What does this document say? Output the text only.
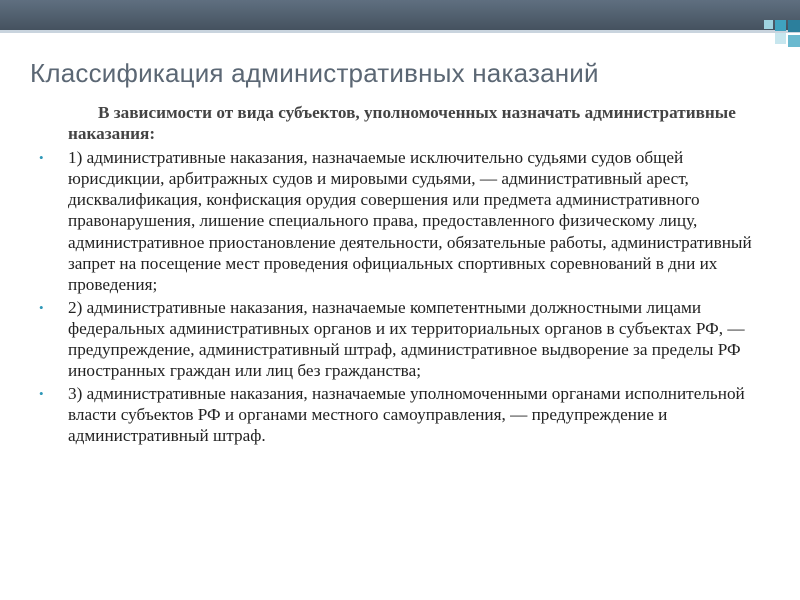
Классификация административных наказаний
В зависимости от вида субъектов, уполномоченных назначать административные наказания:
•	1) административные наказания, назначаемые исключительно судьями судов общей юрисдикции, арбитражных судов и мировыми судьями, — административный арест, дисквалификация, конфискация орудия совершения или предмета административного правонарушения, лишение специального права, предоставленного физическому лицу, административное приостановление деятельности, обязательные работы, административный запрет на посещение мест проведения официальных спортивных соревнований в дни их проведения;
•	2) административные наказания, назначаемые компетентными должностными лицами федеральных административных органов и их территориальных органов в субъектах РФ, — предупреждение, административный штраф, административное выдворение за пределы РФ иностранных граждан или лиц без гражданства;
•	3) административные наказания, назначаемые уполномоченными органами исполнительной власти субъектов РФ и органами местного самоуправления, — предупреждение и административный штраф.
